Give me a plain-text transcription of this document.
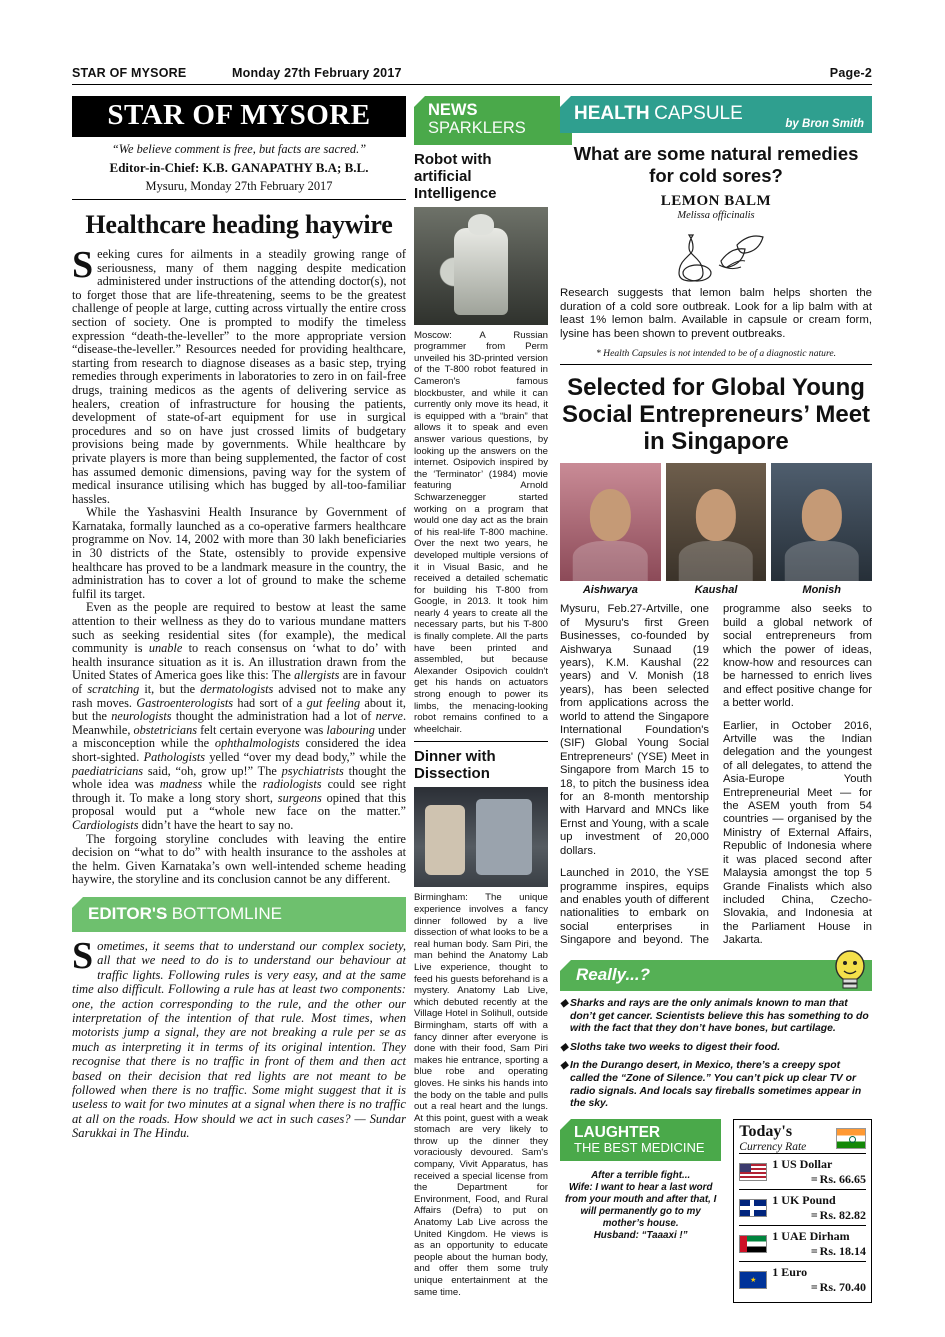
STAR OF MYSORE	Monday 27th February 2017	Page-2
STAR OF MYSORE
“We believe comment is free, but facts are sacred.”
Editor-in-Chief: K.B. GANAPATHY B.A; B.L.
Mysuru, Monday 27th February 2017
Healthcare heading haywire

Seeking cures for ailments in a steadily growing range of seriousness, many of them nagging despite medication administered under instructions of the attending doctor(s), not to forget those that are life-threatening, seems to be the greatest challenge of people at large, cutting across virtually the entire cross section of society. One is prompted to modify the timeless expression “death-the-leveller” to the more appropriate version “disease-the-leveller.” Resources needed for providing healthcare, starting from research to diagnose diseases as a basic step, trying remedies through experiments in laboratories to zero in on fail-free drugs, training medicos as the agents of delivering service as healers, creation of infrastructure for housing the patients, development of state-of-art equipment for use in surgical procedures and so on have just crossed limits of budgetary provisions being made by governments. While healthcare by private players is more than being supplemented, the factor of cost has assumed demonic dimensions, paving way for the system of medical insurance utilising which has bugged by all-too-familiar hassles.

While the Yashasvini Health Insurance by Government of Karnataka, formally launched as a co-operative farmers healthcare programme on Nov. 14, 2002 with more than 30 lakh beneficiaries in 30 districts of the State, ostensibly to provide expensive healthcare has proved to be a landmark measure in the country, the administration has to cover a lot of ground to make the scheme fulfil its target.

Even as the people are required to bestow at least the same attention to their wellness as they do to various mundane matters such as seeking residential sites (for example), the medical community is unable to reach consensus on ‘what to do’ with health insurance situation as it is. An illustration drawn from the United States of America goes like this: The allergists are in favour of scratching it, but the dermatologists advised not to make any rash moves. Gastroenterologists had sort of a gut feeling about it, but the neurologists thought the administration had a lot of nerve. Meanwhile, obstetricians felt certain everyone was labouring under a misconception while the ophthalmologists considered the idea short-sighted. Pathologists yelled “over my dead body,” while the paediatricians said, “oh, grow up!” The psychiatrists thought the whole idea was madness while the radiologists could see right through it. To make a long story short, surgeons opined that this proposal would put a “whole new face on the matter.” Cardiologists didn’t have the heart to say no.

The forgoing storyline concludes with leaving the entire decision on “what to do” with health insurance to the assholes at the helm. Given Karnataka’s own well-intended scheme heading haywire, the storyline and its conclusion cannot be any different.

EDITOR'S BOTTOMLINE
Sometimes, it seems that to understand our complex society, all that we need to do is to understand our behaviour at traffic lights. Following rules is very easy, and at the same time also difficult. Following a rule has at least two components: one, the action corresponding to the rule, and the other our interpretation of the intention of that rule. Most times, when motorists jump a signal, they are not breaking a rule per se as much as interpreting it in terms of its original intention. They recognise that there is no traffic in front of them and then act based on their decision that red lights are not meant to be followed when there is no traffic. Some might suggest that it is useless to wait for two minutes at a signal when there is no traffic at all on the roads. How should we act in such cases? — Sundar Sarukkai in The Hindu.
NEWS
SPARKLERS
Robot with artificial Intelligence
Moscow: A Russian programmer from Perm unveiled his 3D-printed version of the T-800 robot featured in Cameron's famous blockbuster, and while it can currently only move its head, it is equipped with a “brain” that allows it to speak and even answer various questions, by looking up the answers on the internet. Osipovich inspired by the ‘Terminator’ (1984) movie featuring Arnold Schwarzenegger started working on a program that would one day act as the brain of his real-life T-800 machine. Over the next two years, he developed multiple versions of it in Visual Basic, and he received a detailed schematic for building his T-800 from Google, in 2013. It took him nearly 4 years to create all the necessary parts, but his T-800 is finally complete. All the parts have been printed and assembled, but because Alexander Osipovich couldn't get his hands on actuators strong enough to power its limbs, the menacing-looking robot remains confined to a wheelchair.
Dinner with Dissection
Birmingham: The unique experience involves a fancy dinner followed by a live dissection of what looks to be a real human body. Sam Piri, the man behind the Anatomy Lab Live experience, thought to feed his guests beforehand is a mystery. Anatomy Lab Live, which debuted recently at the Village Hotel in Solihull, outside Birmingham, starts off with a fancy dinner after everyone is done with their food, Sam Piri makes hie entrance, sporting a blue robe and operating gloves. He sinks his hands into the body on the table and pulls out a real heart and the lungs. At this point, guest with a weak stomach are very likely to throw up the dinner they voraciously devoured. Sam's company, Vivit Apparatus, has received a special license from the Department for Environment, Food, and Rural Affairs (Defra) to put on Anatomy Lab Live across the United Kingdom. He views is as an opportunity to educate people about the human body, and offer them some truly unique entertainment at the same time.
HEALTH CAPSULE	by Bron Smith
What are some natural remedies for cold sores?
LEMON BALM
Melissa officinalis
Research suggests that lemon balm helps shorten the duration of a cold sore outbreak. Look for a lip balm with at least 1% lemon balm. Available in capsule or cream form, lysine has been shown to prevent outbreaks.
* Health Capsules is not intended to be of a diagnostic nature.
Selected for Global Young Social Entrepreneurs’ Meet in Singapore
Aishwarya	Kaushal	Monish

Mysuru, Feb.27-Artville, one of Mysuru's first Green Businesses, co-founded by Aishwarya Sunaad (19 years), K.M. Kaushal (22 years) and V. Monish (18 years), has been selected from applications across the world to attend the Singapore International Foundation's (SIF) Global Young Social Entrepreneurs' (YSE) Meet in Singapore from March 15 to 18, to pitch the business idea for an 8-month mentorship with Harvard and MNCs like Ernst and Young, with a scale up investment of 20,000 dollars.

Launched in 2010, the YSE programme inspires, equips and enables youth of different nationalities to embark on social enterprises in Singapore and beyond. The programme also seeks to build a global network of social entrepreneurs from which the power of ideas, know-how and resources can be harnessed to enrich lives and effect positive change for a better world.

Earlier, in October 2016, Artville was the Indian delegation and the youngest of all delegates, to attend the Asia-Europe Youth Entrepreneurial Meet — for the ASEM youth from 54 countries — organised by the Ministry of External Affairs, Republic of Indonesia where it was placed second after Malaysia amongst the top 5 Grande Finalists which also included China, Czecho-Slovakia, and Indonesia at the Parliament House in Jakarta.

Really...?
◆ Sharks and rays are the only animals known to man that don’t get cancer. Scientists believe this has something to do with the fact that they don’t have bones, but cartilage.
◆ Sloths take two weeks to digest their food.
◆ In the Durango desert, in Mexico, there’s a creepy spot called the “Zone of Silence.” You can’t pick up clear TV or radio signals. And locals say fireballs sometimes appear in the sky.
LAUGHTER
THE BEST MEDICINE
After a terrible fight...
Wife: I want to hear a last word from your mouth and after that, I will permanently go to my mother’s house.
Husband: “Taaaxi !”
Today's
Currency Rate
1 US Dollar
= Rs. 66.65
1 UK Pound
= Rs. 82.82
1 UAE Dirham
= Rs. 18.14
★
1 Euro
= Rs. 70.40
